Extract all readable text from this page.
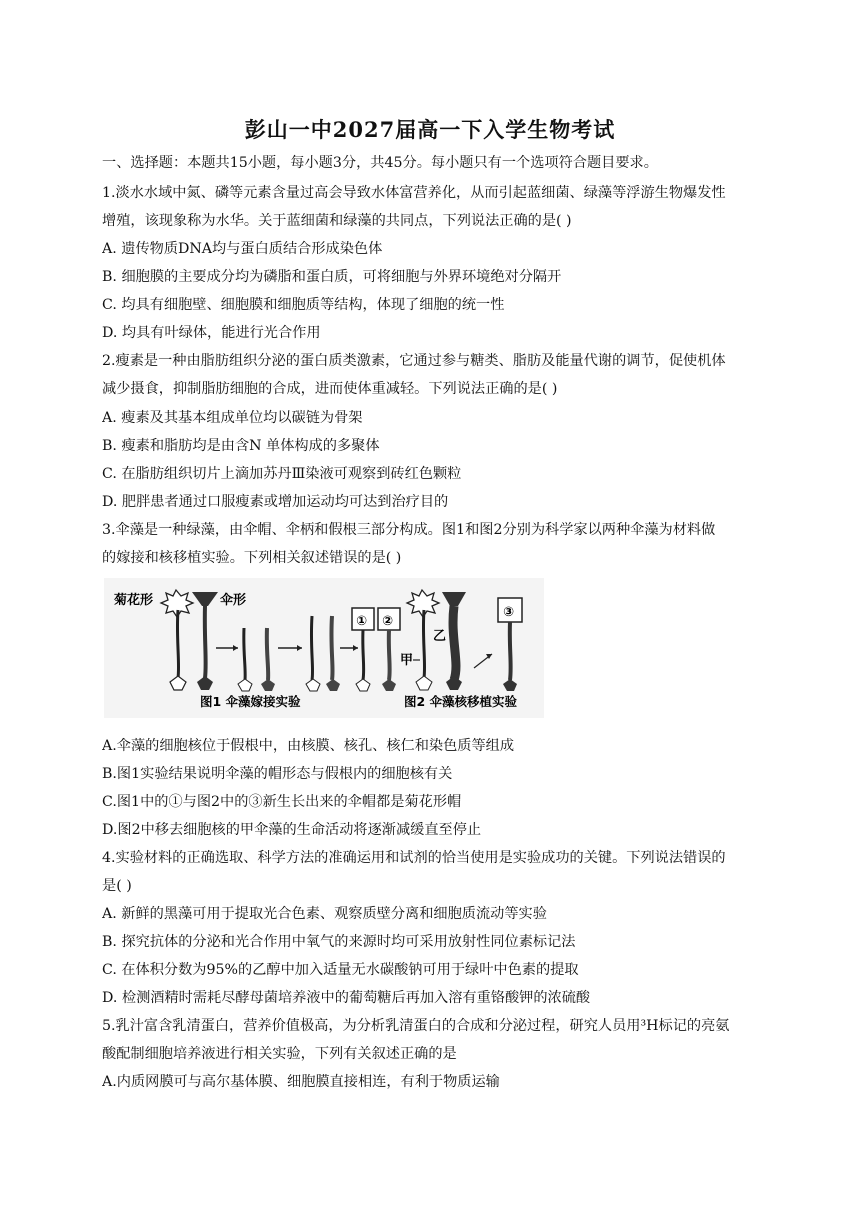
彭山一中2027届高一下入学生物考试
一、选择题：本题共15小题，每小题3分，共45分。每小题只有一个选项符合题目要求。
1.淡水水域中氮、磷等元素含量过高会导致水体富营养化，从而引起蓝细菌、绿藻等浮游生物爆发性
增殖，该现象称为水华。关于蓝细菌和绿藻的共同点，下列说法正确的是( )
A. 遗传物质DNA均与蛋白质结合形成染色体
B. 细胞膜的主要成分均为磷脂和蛋白质，可将细胞与外界环境绝对分隔开
C. 均具有细胞壁、细胞膜和细胞质等结构，体现了细胞的统一性
D. 均具有叶绿体，能进行光合作用
2.瘦素是一种由脂肪组织分泌的蛋白质类激素，它通过参与糖类、脂肪及能量代谢的调节，促使机体
减少摄食，抑制脂肪细胞的合成，进而使体重减轻。下列说法正确的是( )
A. 瘦素及其基本组成单位均以碳链为骨架
B. 瘦素和脂肪均是由含N 单体构成的多聚体
C. 在脂肪组织切片上滴加苏丹Ⅲ染液可观察到砖红色颗粒
D. 肥胖患者通过口服瘦素或增加运动均可达到治疗目的
3.伞藻是一种绿藻，由伞帽、伞柄和假根三部分构成。图1和图2分别为科学家以两种伞藻为材料做
的嫁接和核移植实验。下列相关叙述错误的是( )
菊花形	伞形
① ②
甲
乙
③
图1 伞藻嫁接实验	图2 伞藻核移植实验
A.伞藻的细胞核位于假根中，由核膜、核孔、核仁和染色质等组成
B.图1实验结果说明伞藻的帽形态与假根内的细胞核有关
C.图1中的①与图2中的③新生长出来的伞帽都是菊花形帽
D.图2中移去细胞核的甲伞藻的生命活动将逐渐减缓直至停止
4.实验材料的正确选取、科学方法的准确运用和试剂的恰当使用是实验成功的关键。下列说法错误的
是( )
A. 新鲜的黑藻可用于提取光合色素、观察质壁分离和细胞质流动等实验
B. 探究抗体的分泌和光合作用中氧气的来源时均可采用放射性同位素标记法
C. 在体积分数为95%的乙醇中加入适量无水碳酸钠可用于绿叶中色素的提取
D. 检测酒精时需耗尽酵母菌培养液中的葡萄糖后再加入溶有重铬酸钾的浓硫酸
5.乳汁富含乳清蛋白，营养价值极高，为分析乳清蛋白的合成和分泌过程，研究人员用³H标记的亮氨
酸配制细胞培养液进行相关实验，下列有关叙述正确的是
A.内质网膜可与高尔基体膜、细胞膜直接相连，有利于物质运输
